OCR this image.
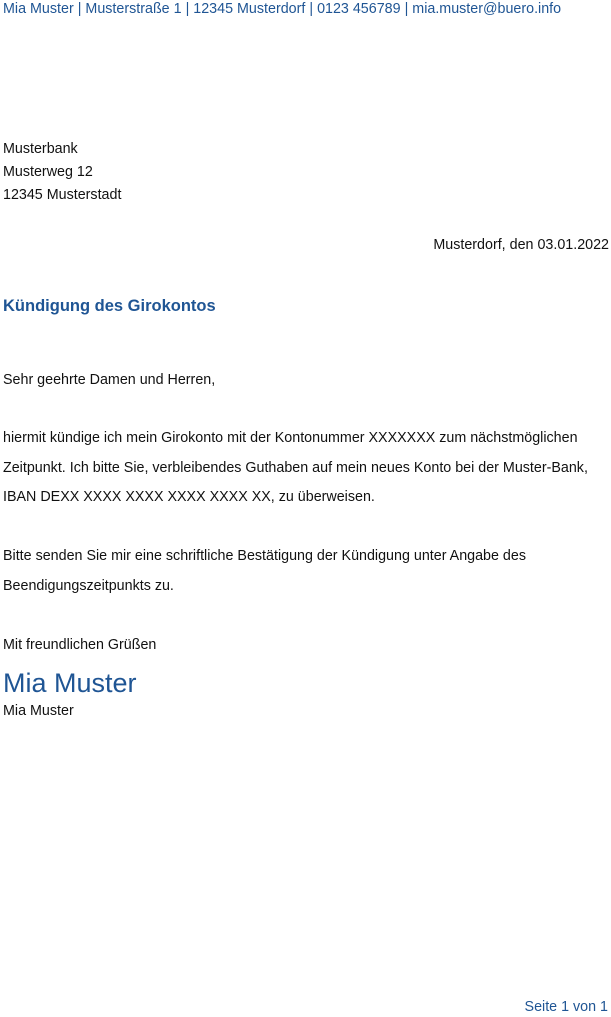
Mia Muster | Musterstraße 1 | 12345 Musterdorf | 0123 456789 | mia.muster@buero.info
Musterbank
Musterweg 12
12345 Musterstadt
Musterdorf, den 03.01.2022
Kündigung des Girokontos
Sehr geehrte Damen und Herren,
hiermit kündige ich mein Girokonto mit der Kontonummer XXXXXXX zum nächstmöglichen
Zeitpunkt. Ich bitte Sie, verbleibendes Guthaben auf mein neues Konto bei der Muster-Bank,
IBAN DEXX XXXX XXXX XXXX XXXX XX, zu überweisen.
Bitte senden Sie mir eine schriftliche Bestätigung der Kündigung unter Angabe des
Beendigungszeitpunkts zu.
Mit freundlichen Grüßen
Mia Muster
Mia Muster
Seite 1 von 1
